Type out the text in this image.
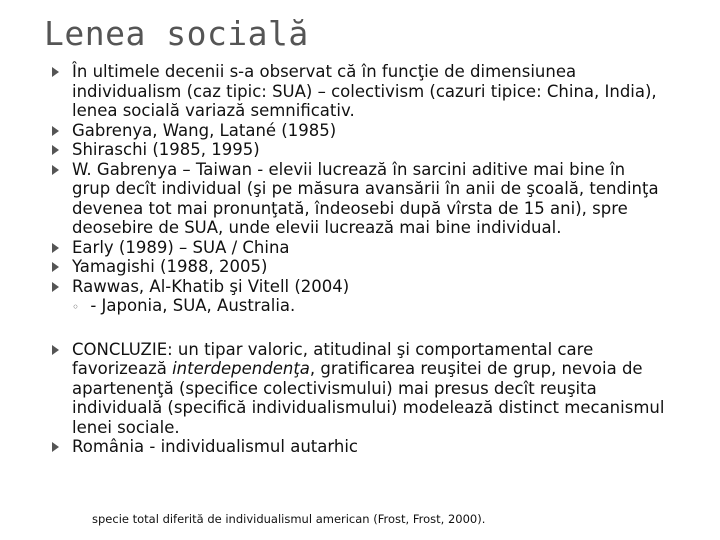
Lenea socială
În ultimele decenii s-a observat că în funcţie de dimensiunea individualism (caz tipic: SUA) – colectivism (cazuri tipice: China, India), lenea socială variază semnificativ.
Gabrenya, Wang, Latané (1985)
Shiraschi (1985, 1995)
W. Gabrenya – Taiwan - elevii lucrează în sarcini aditive mai bine în grup decît individual (şi pe măsura avansării în anii de şcoală, tendinţa devenea tot mai pronunţată, îndeosebi după vîrsta de 15 ani), spre deosebire de SUA, unde elevii lucrează mai bine individual.
Early (1989) – SUA / China
Yamagishi (1988, 2005)
Rawwas, Al-Khatib şi Vitell (2004)
◦ - Japonia, SUA, Australia.
CONCLUZIE: un tipar valoric, atitudinal şi comportamental care favorizează interdependenţa, gratificarea reuşitei de grup, nevoia de apartenenţă (specifice colectivismului) mai presus decît reuşita individuală (specifică individualismului) modelează distinct mecanismul lenei sociale.
România - individualismul autarhic
specie total diferită de individualismul american (Frost, Frost, 2000).
